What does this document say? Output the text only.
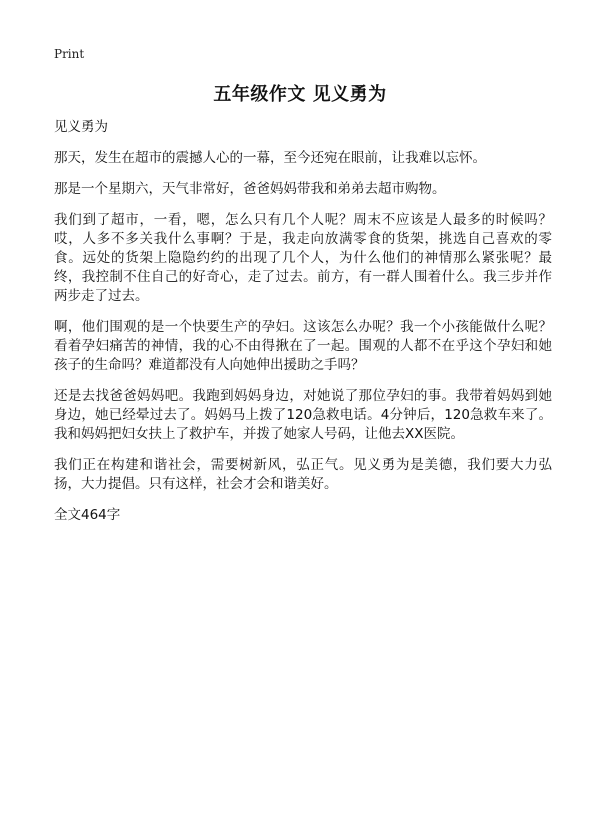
Print
五年级作文 见义勇为

见义勇为

那天，发生在超市的震撼人心的一幕，至今还宛在眼前，让我难以忘怀。

那是一个星期六，天气非常好，爸爸妈妈带我和弟弟去超市购物。

我们到了超市，一看，嗯，怎么只有几个人呢？周末不应该是人最多的时候吗？哎，人多不多关我什么事啊？于是，我走向放满零食的货架，挑选自己喜欢的零食。远处的货架上隐隐约约的出现了几个人，为什么他们的神情那么紧张呢？最终，我控制不住自己的好奇心，走了过去。前方，有一群人围着什么。我三步并作两步走了过去。

啊，他们围观的是一个快要生产的孕妇。这该怎么办呢？我一个小孩能做什么呢？看着孕妇痛苦的神情，我的心不由得揪在了一起。围观的人都不在乎这个孕妇和她孩子的生命吗？难道都没有人向她伸出援助之手吗？

还是去找爸爸妈妈吧。我跑到妈妈身边，对她说了那位孕妇的事。我带着妈妈到她身边，她已经晕过去了。妈妈马上拨了120急救电话。4分钟后，120急救车来了。我和妈妈把妇女扶上了救护车，并拨了她家人号码，让他去XX医院。

我们正在构建和谐社会，需要树新风，弘正气。见义勇为是美德，我们要大力弘扬，大力提倡。只有这样，社会才会和谐美好。

全文464字
